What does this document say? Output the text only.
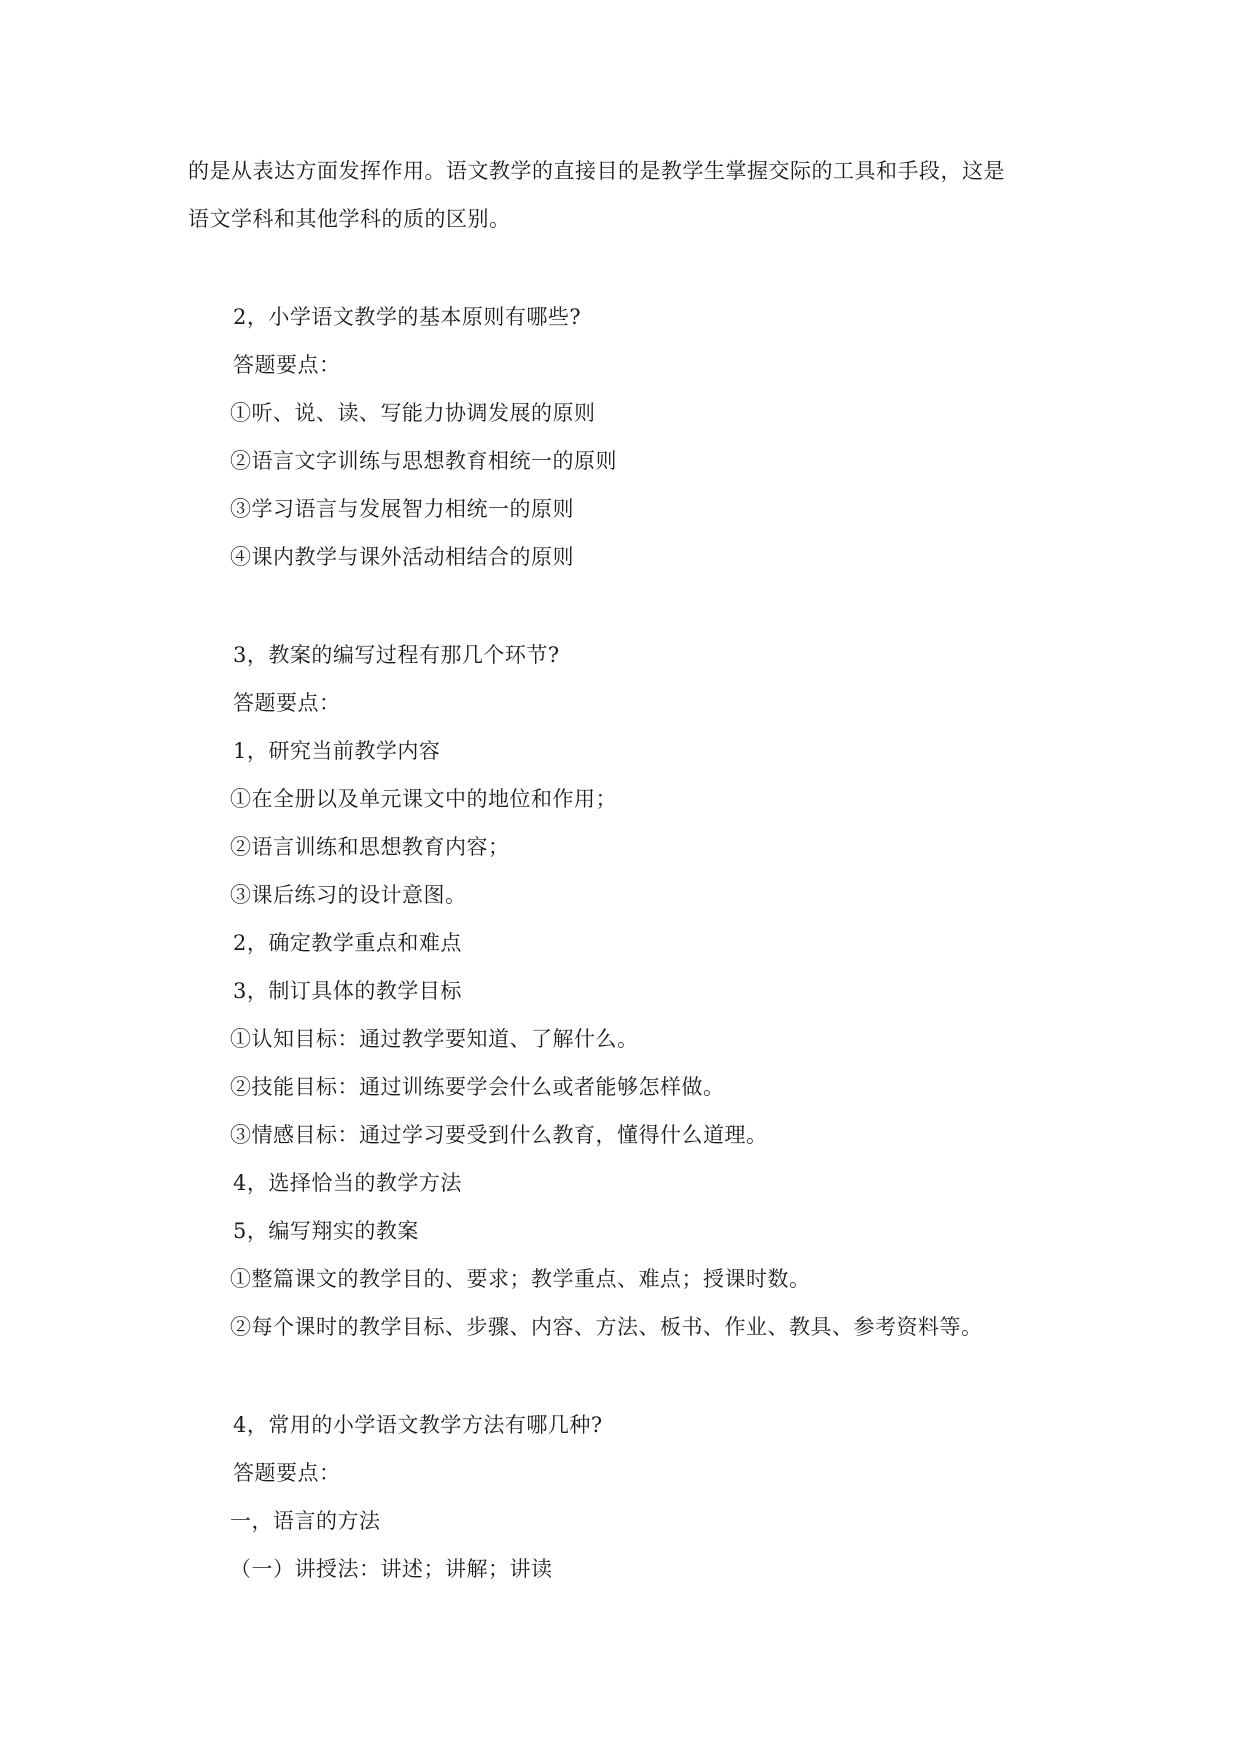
的是从表达方面发挥作用。语文教学的直接目的是教学生掌握交际的工具和手段，这是
语文学科和其他学科的质的区别。
2，小学语文教学的基本原则有哪些?
答题要点：
①听、说、读、写能力协调发展的原则
②语言文字训练与思想教育相统一的原则
③学习语言与发展智力相统一的原则
④课内教学与课外活动相结合的原则
3，教案的编写过程有那几个环节?
答题要点：
1，研究当前教学内容
①在全册以及单元课文中的地位和作用；
②语言训练和思想教育内容；
③课后练习的设计意图。
2，确定教学重点和难点
3，制订具体的教学目标
①认知目标：通过教学要知道、了解什么。
②技能目标：通过训练要学会什么或者能够怎样做。
③情感目标：通过学习要受到什么教育，懂得什么道理。
4，选择恰当的教学方法
5，编写翔实的教案
①整篇课文的教学目的、要求；教学重点、难点；授课时数。
②每个课时的教学目标、步骤、内容、方法、板书、作业、教具、参考资料等。
4，常用的小学语文教学方法有哪几种?
答题要点：
一，语言的方法
（一）讲授法：讲述；讲解；讲读
